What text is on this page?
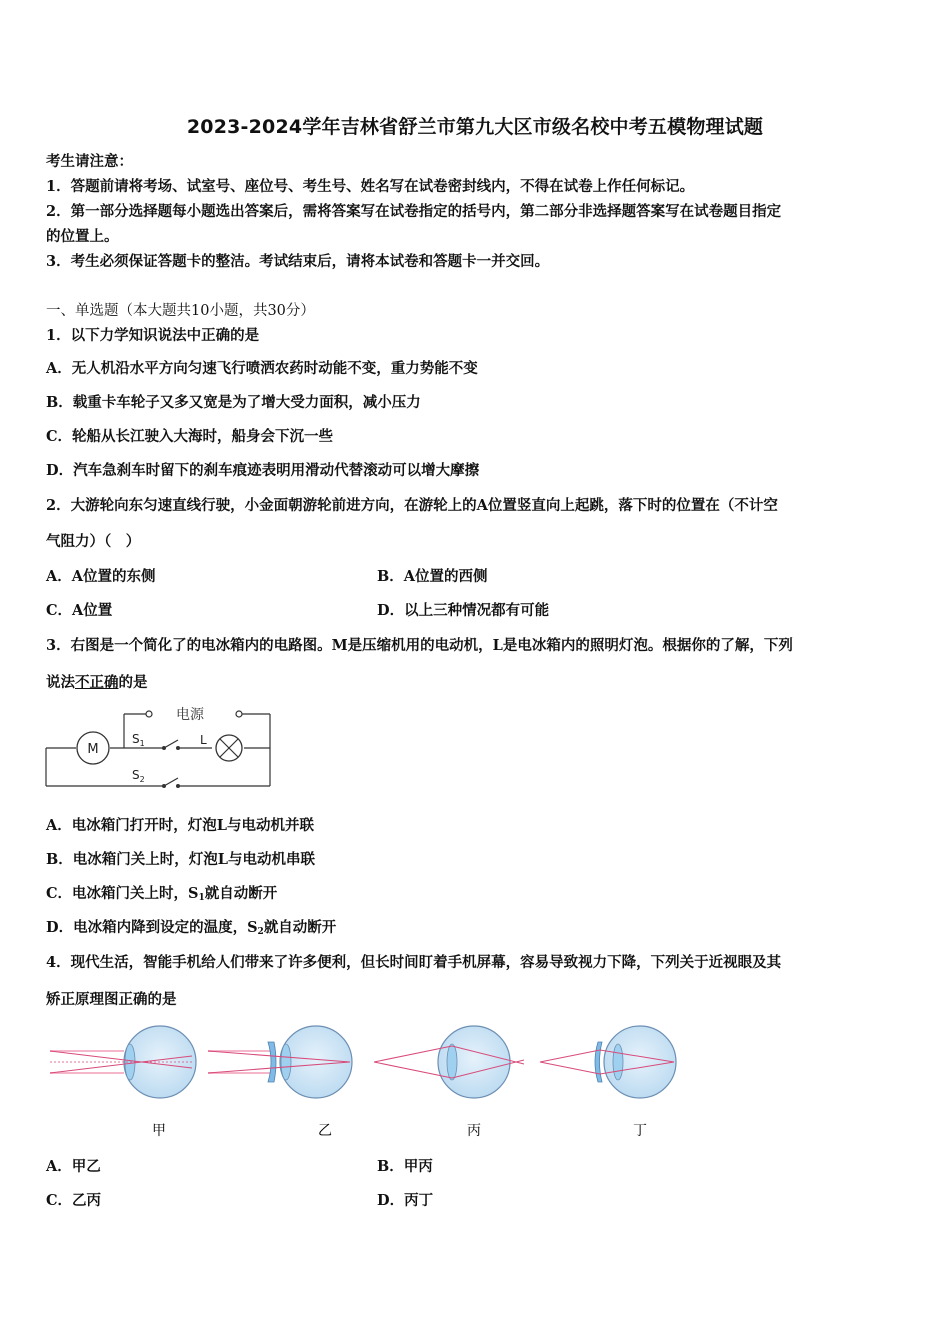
2023-2024学年吉林省舒兰市第九大区市级名校中考五模物理试题
考生请注意：
1．答题前请将考场、试室号、座位号、考生号、姓名写在试卷密封线内，不得在试卷上作任何标记。
2．第一部分选择题每小题选出答案后，需将答案写在试卷指定的括号内，第二部分非选择题答案写在试卷题目指定
的位置上。
3．考生必须保证答题卡的整洁。考试结束后，请将本试卷和答题卡一并交回。
一、单选题（本大题共10小题，共30分）
1．以下力学知识说法中正确的是
A．无人机沿水平方向匀速飞行喷洒农药时动能不变，重力势能不变
B．载重卡车轮子又多又宽是为了增大受力面积，减小压力
C．轮船从长江驶入大海时，船身会下沉一些
D．汽车急刹车时留下的刹车痕迹表明用滑动代替滚动可以增大摩擦
2．大游轮向东匀速直线行驶，小金面朝游轮前进方向，在游轮上的A位置竖直向上起跳，落下时的位置在（不计空
气阻力）（　）
A．A位置的东侧	B．A位置的西侧
C．A位置	D．以上三种情况都有可能
3．右图是一个简化了的电冰箱内的电路图。M是压缩机用的电动机，L是电冰箱内的照明灯泡。根据你的了解，下列
说法不正确的是
M
电源
$S_1$
$S_2$
L
A．电冰箱门打开时，灯泡L与电动机并联
B．电冰箱门关上时，灯泡L与电动机串联
C．电冰箱门关上时，$S_1$就自动断开
D．电冰箱内降到设定的温度，$S_2$就自动断开
4．现代生活，智能手机给人们带来了许多便利，但长时间盯着手机屏幕，容易导致视力下降，下列关于近视眼及其
矫正原理图正确的是
甲	乙	丙	丁
A．甲乙	B．甲丙
C．乙丙	D．丙丁
